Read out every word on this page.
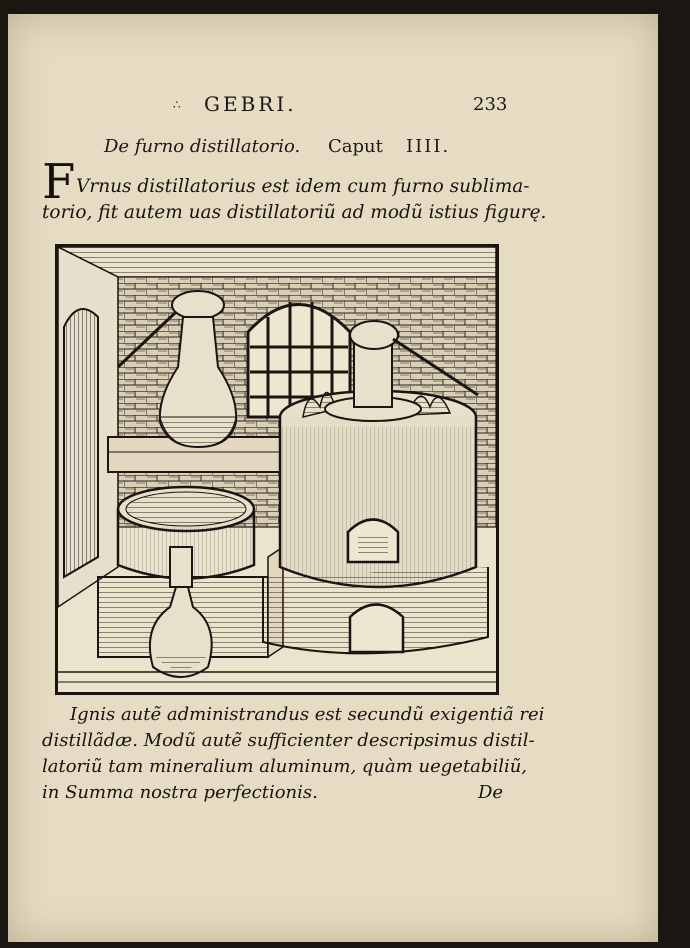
∴ GEBRI.	233
De furno distillatorio. Caput IIII.
F Vrnus distillatorius est idem cum furno sublima-
torio, fit autem uas distillatoriũ ad modũ istius figurę.
Ignis autẽ administrandus est secundũ exigentiã rei
distillãdæ. Modũ autẽ sufficienter descripsimus distil-
latoriũ tam mineralium aluminum, quàm uegetabiliũ,
in Summa nostra perfectionis.	De
